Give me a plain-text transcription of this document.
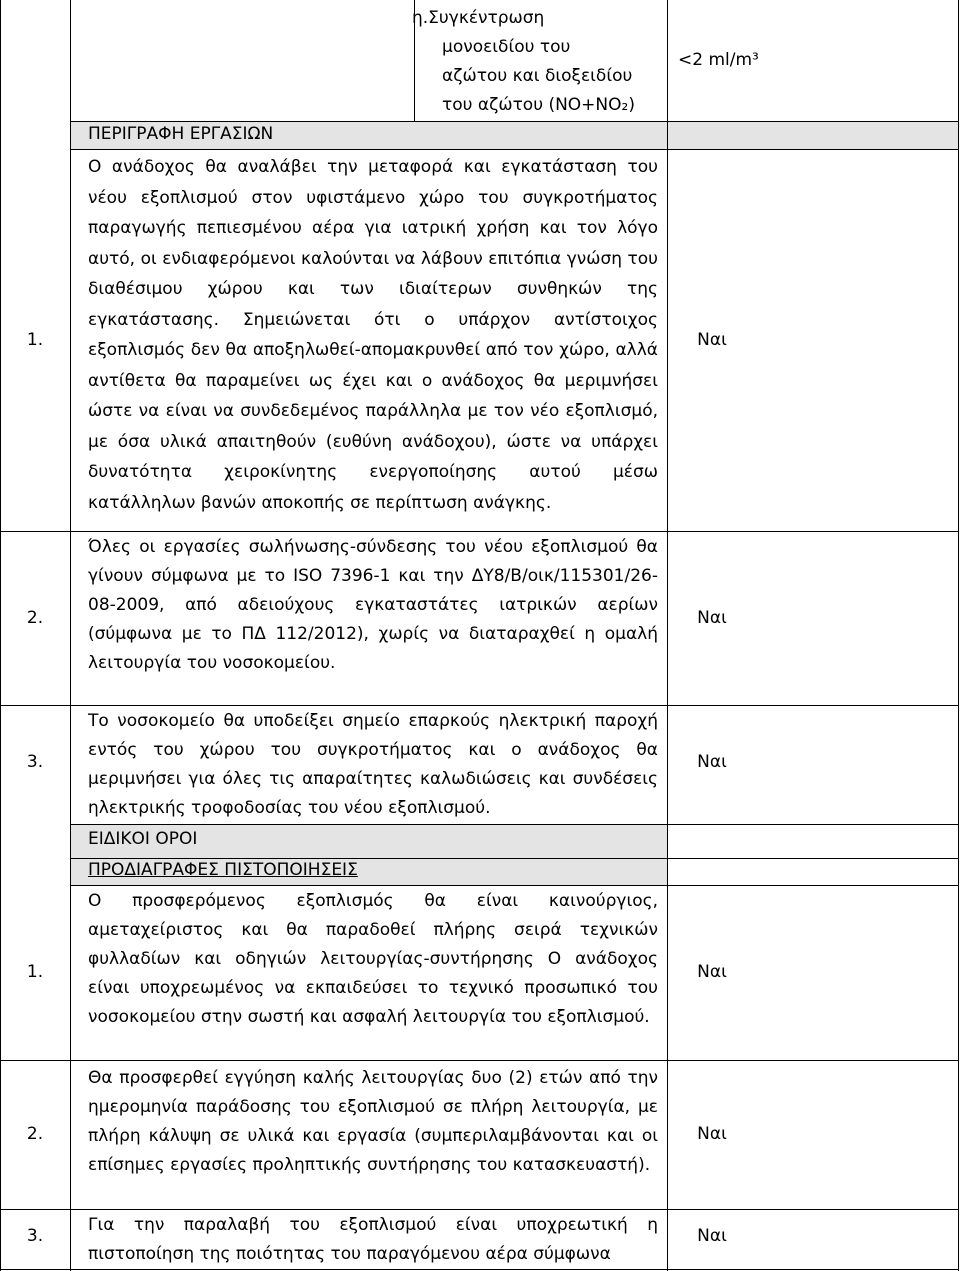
η.Συγκέντρωση
μονοειδίου του
αζώτου και διοξειδίου
του αζώτου (NO+NO₂)
<2 ml/m³
ΠΕΡΙΓΡΑΦΗ ΕΡΓΑΣΙΩΝ
1.

Ο ανάδοχος θα αναλάβει την μεταφορά και εγκατάσταση του νέου εξοπλισμού στον υφιστάμενο χώρο του συγκροτήματος παραγωγής πεπιεσμένου αέρα για ιατρική χρήση και τον λόγο αυτό, οι ενδιαφερόμενοι καλούνται να λάβουν επιτόπια γνώση του διαθέσιμου χώρου και των ιδιαίτερων συνθηκών της εγκατάστασης. Σημειώνεται ότι ο υπάρχον αντίστοιχος εξοπλισμός δεν θα αποξηλωθεί-απομακρυνθεί από τον χώρο, αλλά αντίθετα θα παραμείνει ως έχει και ο ανάδοχος θα μεριμνήσει ώστε να είναι να συνδεδεμένος παράλληλα με τον νέο εξοπλισμό, με όσα υλικά απαιτηθούν (ευθύνη ανάδοχου), ώστε να υπάρχει δυνατότητα χειροκίνητης ενεργοποίησης αυτού μέσω κατάλληλων βανών αποκοπής σε περίπτωση ανάγκης.

Ναι
2.

Όλες οι εργασίες σωλήνωσης-σύνδεσης του νέου εξοπλισμού θα γίνουν σύμφωνα με το ISO 7396-1 και την ΔΥ8/Β/οικ/115301/26-08-2009, από αδειούχους εγκαταστάτες ιατρικών αερίων (σύμφωνα με το ΠΔ 112/2012), χωρίς να διαταραχθεί η ομαλή λειτουργία του νοσοκομείου.

Ναι
3.

Το νοσοκομείο θα υποδείξει σημείο επαρκούς ηλεκτρική παροχή εντός του χώρου του συγκροτήματος και ο ανάδοχος θα μεριμνήσει για όλες τις απαραίτητες καλωδιώσεις και συνδέσεις ηλεκτρικής τροφοδοσίας του νέου εξοπλισμού.

Ναι
ΕΙΔΙΚΟΙ ΟΡΟΙ
ΠΡΟΔΙΑΓΡΑΦΕΣ ΠΙΣΤΟΠΟΙΗΣΕΙΣ
1.

Ο προσφερόμενος εξοπλισμός θα είναι καινούργιος, αμεταχείριστος και θα παραδοθεί πλήρης σειρά τεχνικών φυλλαδίων και οδηγιών λειτουργίας-συντήρησης Ο ανάδοχος είναι υποχρεωμένος να εκπαιδεύσει το τεχνικό προσωπικό του νοσοκομείου στην σωστή και ασφαλή λειτουργία του εξοπλισμού.

Ναι
2.

Θα προσφερθεί εγγύηση καλής λειτουργίας δυο (2) ετών από την ημερομηνία παράδοσης του εξοπλισμού σε πλήρη λειτουργία, με πλήρη κάλυψη σε υλικά και εργασία (συμπεριλαμβάνονται και οι επίσημες εργασίες προληπτικής συντήρησης του κατασκευαστή).

Ναι
3.

Για την παραλαβή του εξοπλισμού είναι υποχρεωτική η πιστοποίηση της ποιότητας του παραγόμενου αέρα σύμφωνα

Ναι
